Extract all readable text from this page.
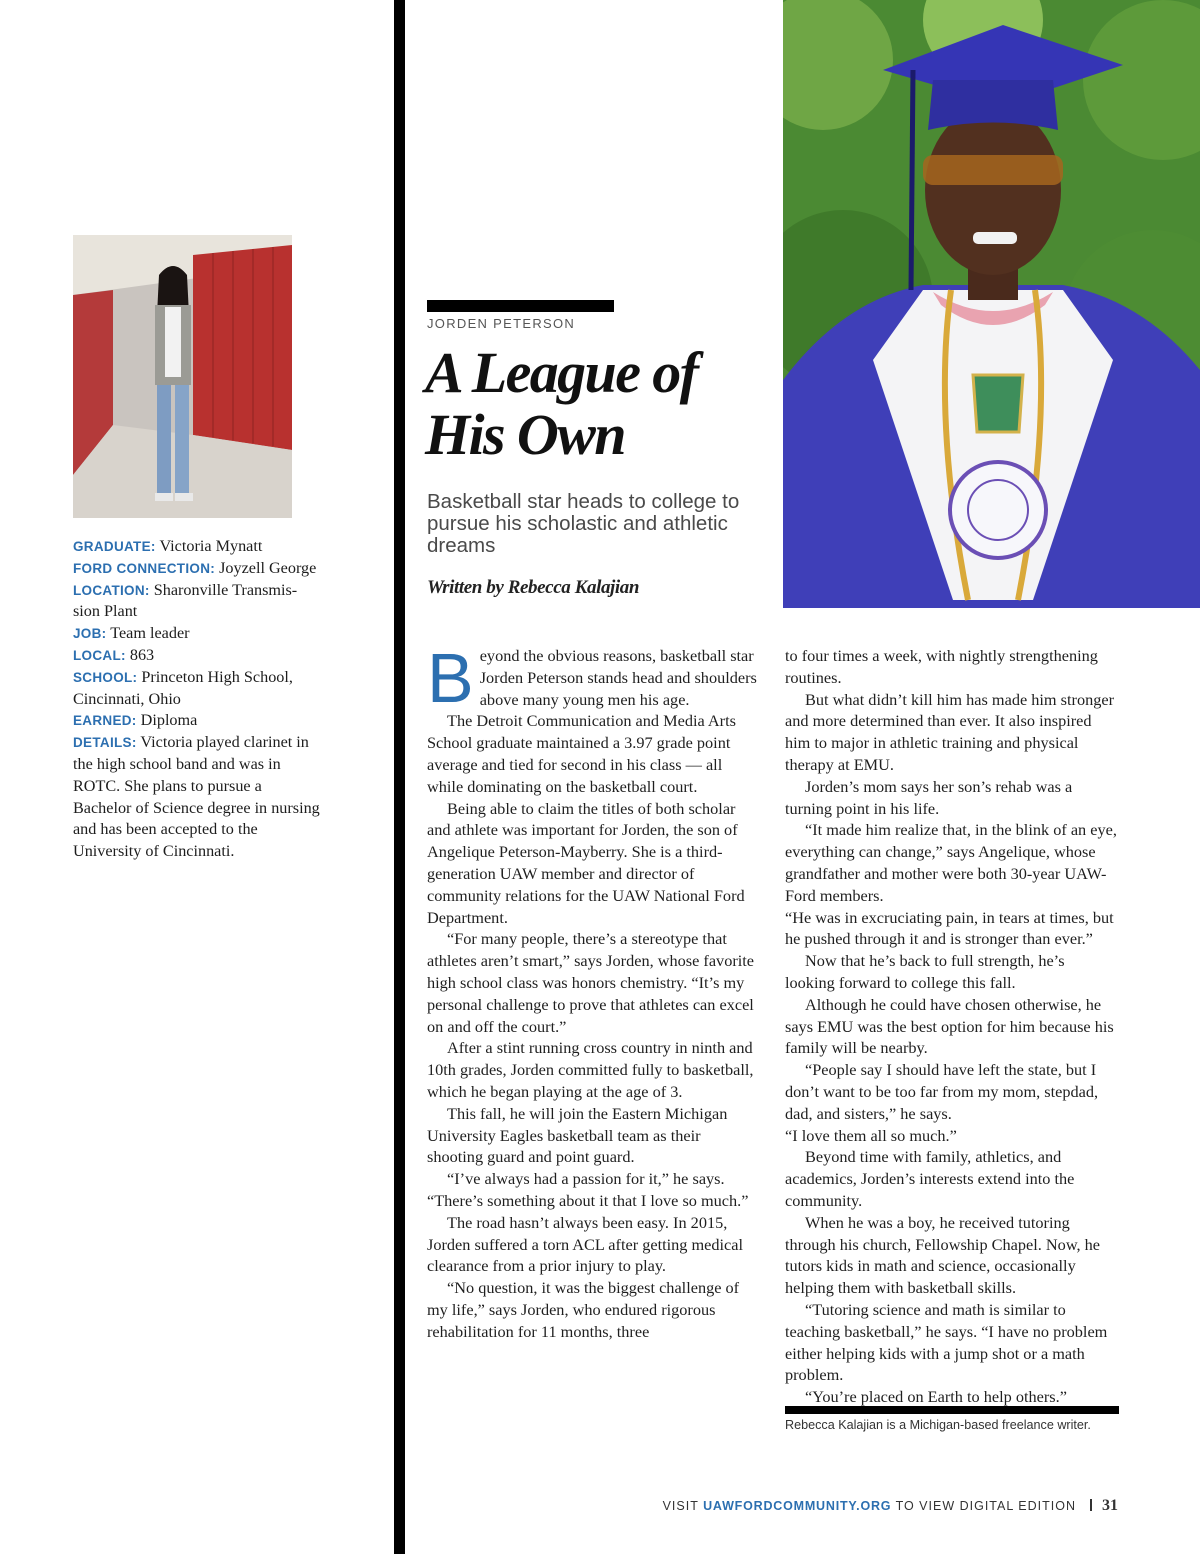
GRADUATE: Victoria Mynatt

FORD CONNECTION: Joyzell George

LOCATION: Sharonville Transmis-sion Plant

JOB: Team leader

LOCAL: 863

SCHOOL: Princeton High School, Cincinnati, Ohio

EARNED: Diploma

DETAILS: Victoria played clarinet in the high school band and was in ROTC. She plans to pursue a Bachelor of Science degree in nursing and has been accepted to the University of Cincinnati.

JORDEN PETERSON
A League of
His Own

Basketball star heads to college to pursue his scholastic and athletic dreams

Written by Rebecca Kalajian

Beyond the obvious reasons, basketball star Jorden Peterson stands head and shoulders above many young men his age.

The Detroit Communication and Media Arts School graduate maintained a 3.97 grade point average and tied for second in his class — all while dominating on the basketball court.

Being able to claim the titles of both scholar and athlete was important for Jorden, the son of Angelique Peterson-Mayberry. She is a third-generation UAW member and director of community relations for the UAW National Ford Department.

“For many people, there’s a stereotype that athletes aren’t smart,” says Jorden, whose favorite high school class was honors chemistry. “It’s my personal challenge to prove that athletes can excel on and off the court.”

After a stint running cross country in ninth and 10th grades, Jorden committed fully to basketball, which he began playing at the age of 3.

This fall, he will join the Eastern Michigan University Eagles basketball team as their shooting guard and point guard.

“I’ve always had a passion for it,” he says. “There’s something about it that I love so much.”

The road hasn’t always been easy. In 2015, Jorden suffered a torn ACL after getting medical clearance from a prior injury to play.

“No question, it was the biggest challenge of my life,” says Jorden, who endured rigorous rehabilitation for 11 months, three

to four times a week, with nightly strengthening routines.

But what didn’t kill him has made him stronger and more determined than ever. It also inspired him to major in athletic training and physical therapy at EMU.

Jorden’s mom says her son’s rehab was a turning point in his life.

“It made him realize that, in the blink of an eye, everything can change,” says Angelique, whose grandfather and mother were both 30-year UAW-Ford members.

“He was in excruciating pain, in tears at times, but he pushed through it and is stronger than ever.”

Now that he’s back to full strength, he’s looking forward to college this fall.

Although he could have chosen otherwise, he says EMU was the best option for him because his family will be nearby.

“People say I should have left the state, but I don’t want to be too far from my mom, stepdad, dad, and sisters,” he says.

“I love them all so much.”

Beyond time with family, athletics, and academics, Jorden’s interests extend into the community.

When he was a boy, he received tutoring through his church, Fellowship Chapel. Now, he tutors kids in math and science, occasionally helping them with basketball skills.

“Tutoring science and math is similar to teaching basketball,” he says. “I have no problem either helping kids with a jump shot or a math problem.

“You’re placed on Earth to help others.”

Rebecca Kalajian is a Michigan-based freelance writer.
VISIT UAWFORDCOMMUNITY.ORG TO VIEW DIGITAL EDITION 31
